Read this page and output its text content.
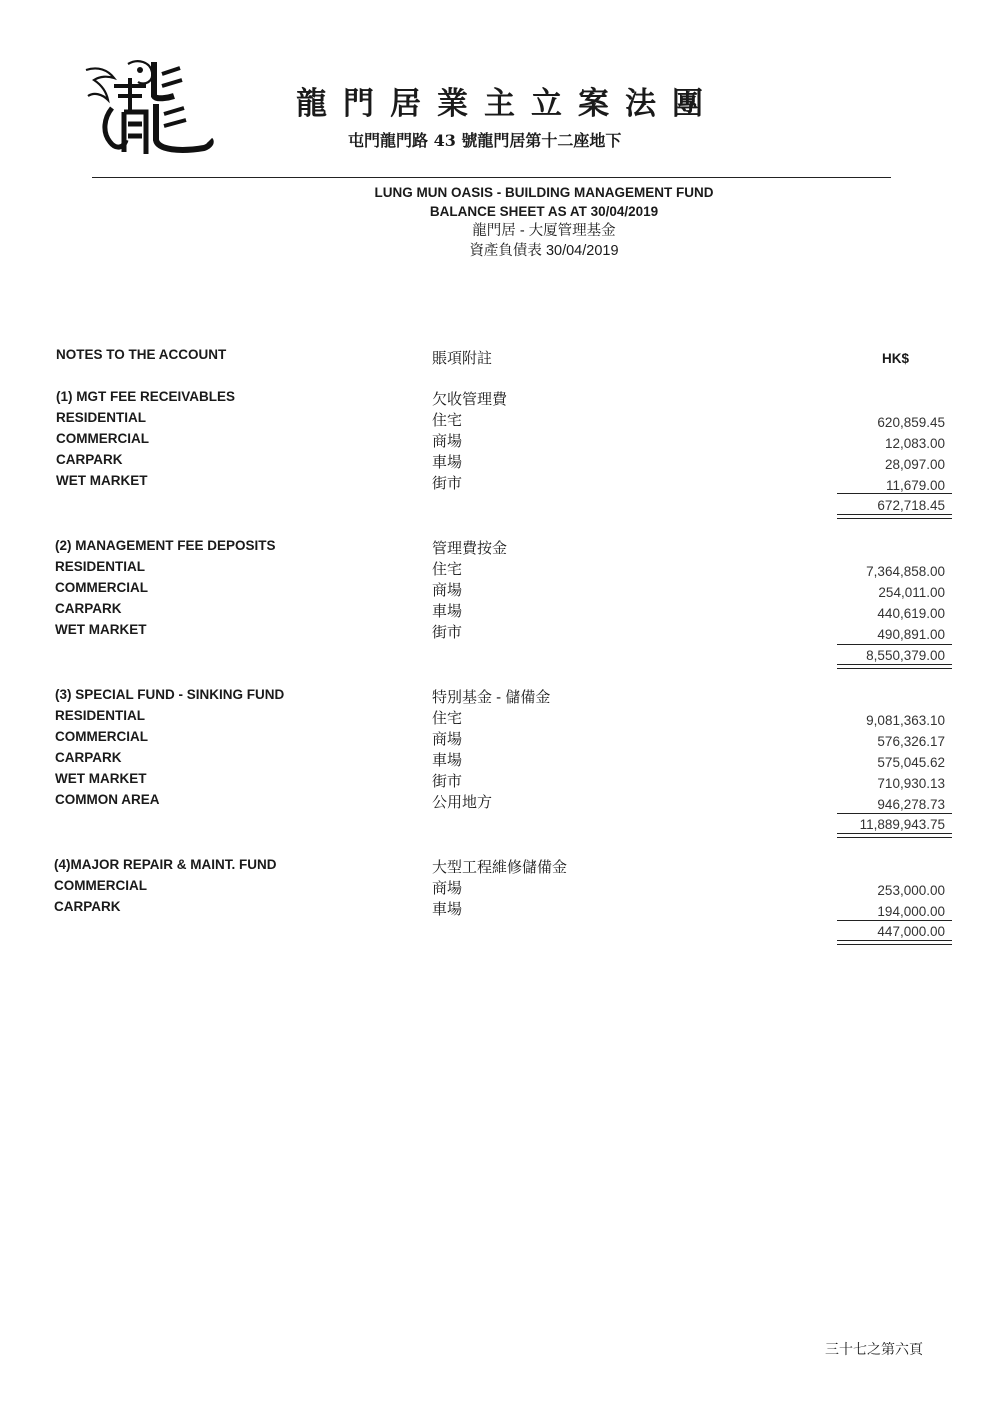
龍門居業主立案法團
屯門龍門路 43 號龍門居第十二座地下
LUNG MUN OASIS - BUILDING MANAGEMENT FUND
BALANCE SHEET AS AT 30/04/2019
龍門居 - 大厦管理基金
資產負債表 30/04/2019
NOTES TO THE ACCOUNT	賬項附註	HK$
(1) MGT FEE RECEIVABLES	欠收管理費
RESIDENTIAL	住宅	620,859.45
COMMERCIAL	商場	12,083.00
CARPARK	車場	28,097.00
WET MARKET	街市	11,679.00
672,718.45
(2) MANAGEMENT FEE DEPOSITS	管理費按金
RESIDENTIAL	住宅	7,364,858.00
COMMERCIAL	商場	254,011.00
CARPARK	車場	440,619.00
WET MARKET	街市	490,891.00
8,550,379.00
(3) SPECIAL FUND - SINKING FUND	特別基金 - 儲備金
RESIDENTIAL	住宅	9,081,363.10
COMMERCIAL	商場	576,326.17
CARPARK	車場	575,045.62
WET MARKET	街市	710,930.13
COMMON AREA	公用地方	946,278.73
11,889,943.75
(4)MAJOR REPAIR & MAINT. FUND	大型工程維修儲備金
COMMERCIAL	商場	253,000.00
CARPARK	車場	194,000.00
447,000.00
三十七之第六頁
